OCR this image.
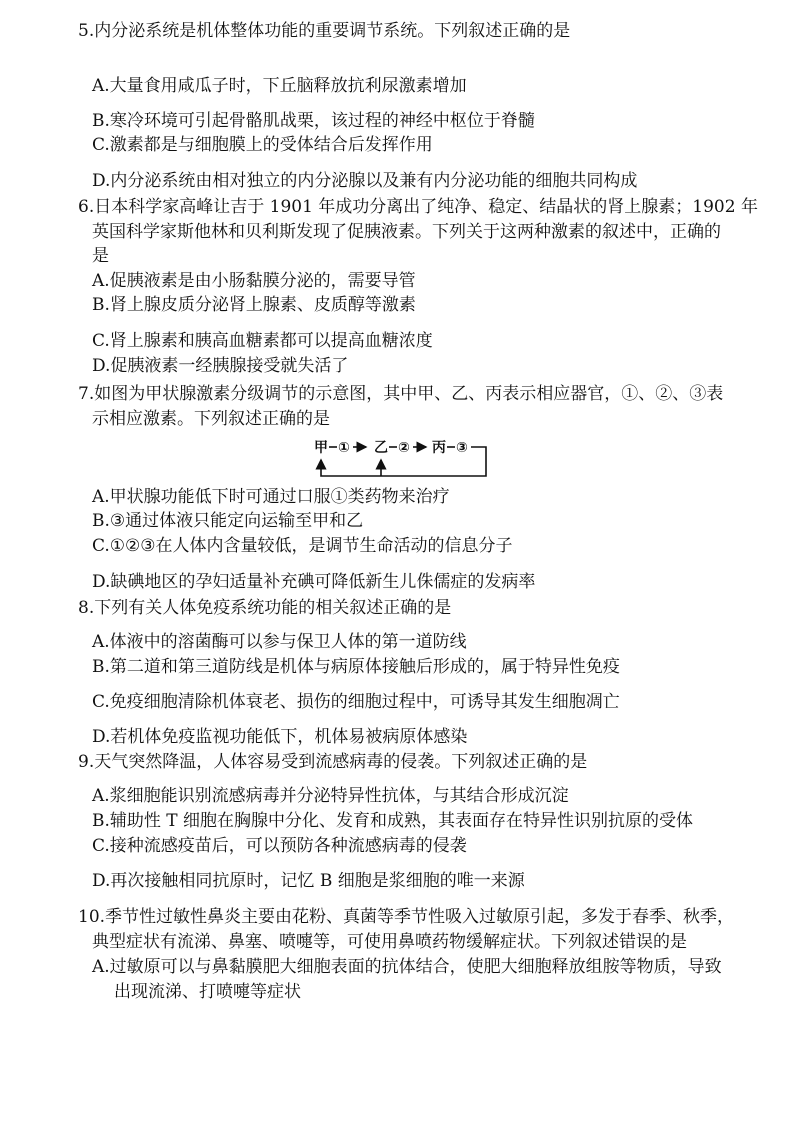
5.内分泌系统是机体整体功能的重要调节系统。下列叙述正确的是
A.大量食用咸瓜子时，下丘脑释放抗利尿激素增加
B.寒冷环境可引起骨骼肌战栗，该过程的神经中枢位于脊髓
C.激素都是与细胞膜上的受体结合后发挥作用
D.内分泌系统由相对独立的内分泌腺以及兼有内分泌功能的细胞共同构成
6.日本科学家高峰让吉于 1901 年成功分离出了纯净、稳定、结晶状的肾上腺素；1902 年
英国科学家斯他林和贝利斯发现了促胰液素。下列关于这两种激素的叙述中，正确的
是
A.促胰液素是由小肠黏膜分泌的，需要导管
B.肾上腺皮质分泌肾上腺素、皮质醇等激素
C.肾上腺素和胰高血糖素都可以提高血糖浓度
D.促胰液素一经胰腺接受就失活了
7.如图为甲状腺激素分级调节的示意图，其中甲、乙、丙表示相应器官，①、②、③表
示相应激素。下列叙述正确的是
甲 ① 乙 ② 丙 ③
A.甲状腺功能低下时可通过口服①类药物来治疗
B.③通过体液只能定向运输至甲和乙
C.①②③在人体内含量较低，是调节生命活动的信息分子
D.缺碘地区的孕妇适量补充碘可降低新生儿侏儒症的发病率
8.下列有关人体免疫系统功能的相关叙述正确的是
A.体液中的溶菌酶可以参与保卫人体的第一道防线
B.第二道和第三道防线是机体与病原体接触后形成的，属于特异性免疫
C.免疫细胞清除机体衰老、损伤的细胞过程中，可诱导其发生细胞凋亡
D.若机体免疫监视功能低下，机体易被病原体感染
9.天气突然降温，人体容易受到流感病毒的侵袭。下列叙述正确的是
A.浆细胞能识别流感病毒并分泌特异性抗体，与其结合形成沉淀
B.辅助性 T 细胞在胸腺中分化、发育和成熟，其表面存在特异性识别抗原的受体
C.接种流感疫苗后，可以预防各种流感病毒的侵袭
D.再次接触相同抗原时，记忆 B 细胞是浆细胞的唯一来源
10.季节性过敏性鼻炎主要由花粉、真菌等季节性吸入过敏原引起，多发于春季、秋季，
典型症状有流涕、鼻塞、喷嚏等，可使用鼻喷药物缓解症状。下列叙述错误的是
A.过敏原可以与鼻黏膜肥大细胞表面的抗体结合，使肥大细胞释放组胺等物质，导致
出现流涕、打喷嚏等症状
